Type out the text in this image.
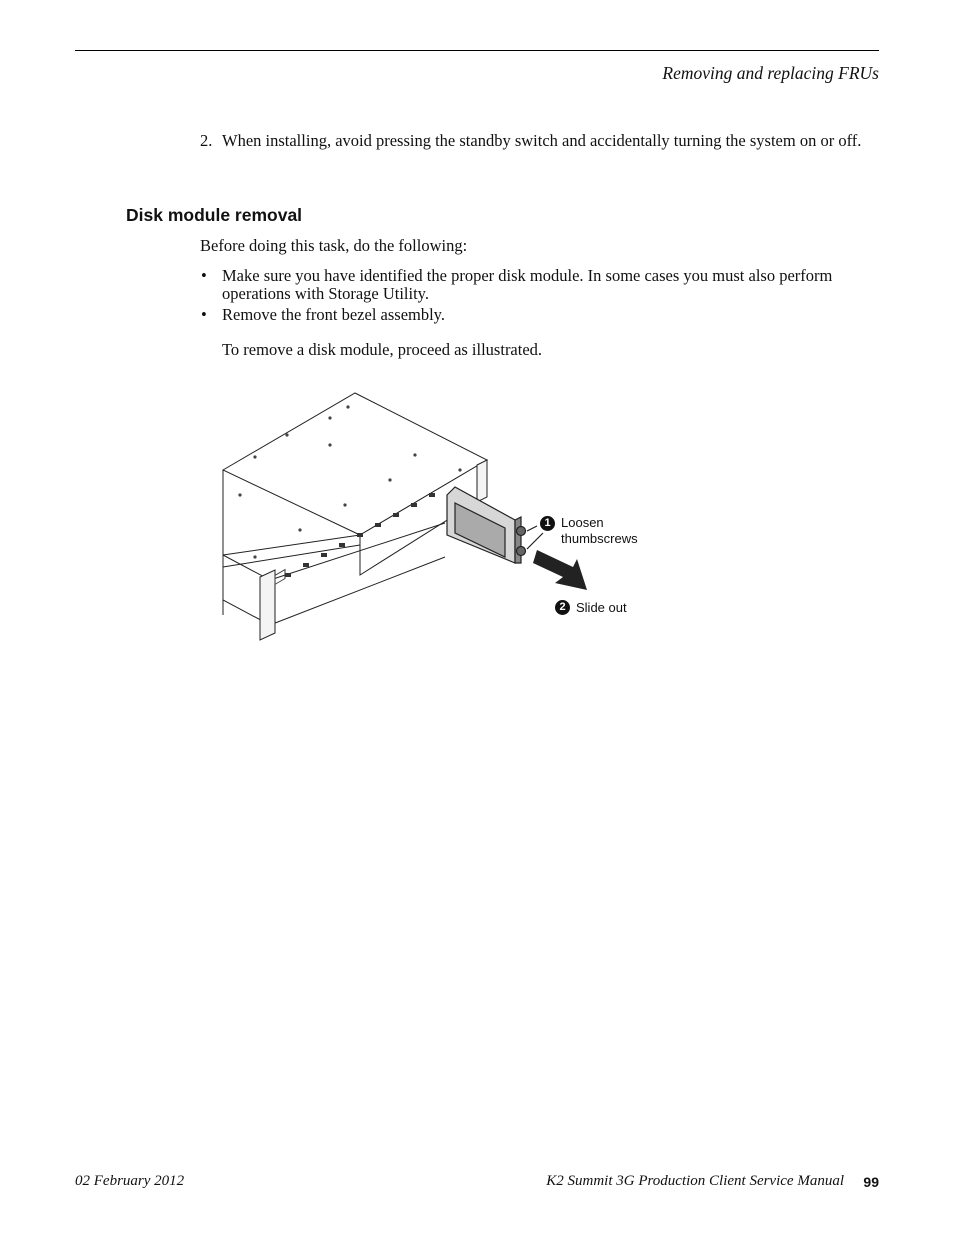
Removing and replacing FRUs
2. When installing, avoid pressing the standby switch and accidentally turning the system on or off.
Disk module removal
Before doing this task, do the following:
• Make sure you have identified the proper disk module. In some cases you must also perform operations with Storage Utility.
• Remove the front bezel assembly.
To remove a disk module, proceed as illustrated.
1 Loosen
thumbscrews
2 Slide out
02 February 2012	K2 Summit 3G Production Client Service Manual 99
